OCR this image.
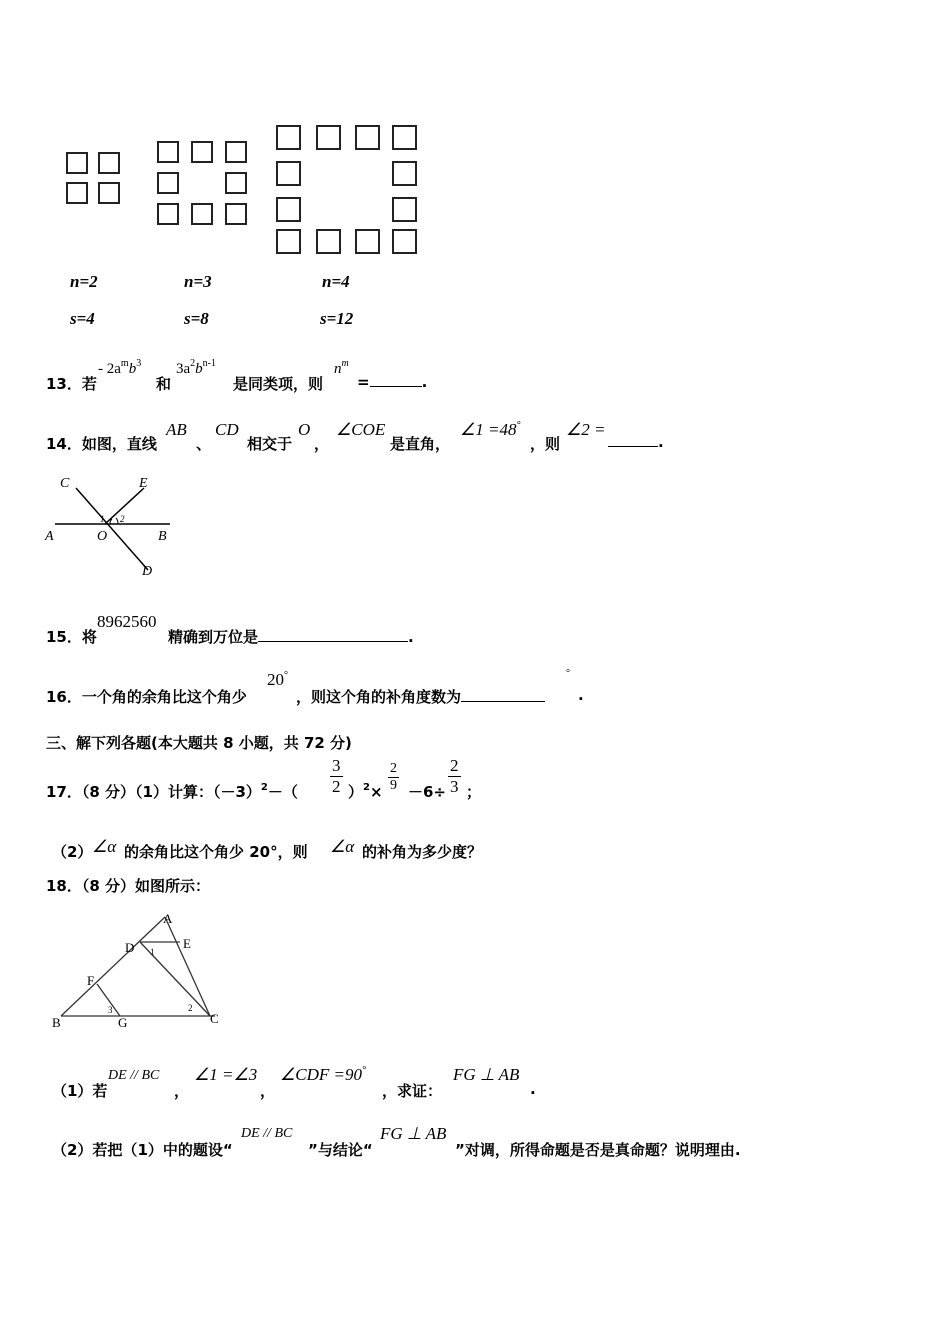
n=2	n=3	n=4
s=4	s=8	s=12
13．若
- $2a^mb^3$
和
$3a^2b^{n-1}$
是同类项，则
$n^m$
=	.
14．如图，直线
AB
、
CD
相交于
O
，
∠COE
是直角，
∠1 =48°
，则
∠2 =
.
C	E
A	O	B
D
1 2
15．将
8962560
精确到万位是	.
16．一个角的余角比这个角少
20°
，则这个角的补角度数为
°
.
三、解下列各题(本大题共 8 小题，共 72 分)
17．（8 分）（1）计算：$(-3)^2-$（
3
2 ）$^2$×
2
9 －6÷
2
3 ；
（2） ∠α 的余角比这个角少 20°，则 ∠α 的补角为多少度？
18．（8 分）如图所示：
A
D	E
1
F
B	G	C
3	2
（1）若
DE // BC
，
∠1 =∠3
，
∠CDF =90°
，求证：
FG ⊥ AB
.
（2）若把（1）中的题设“
DE // BC
”与结论“
FG ⊥ AB
”对调，所得命题是否是真命题？说明理由.
